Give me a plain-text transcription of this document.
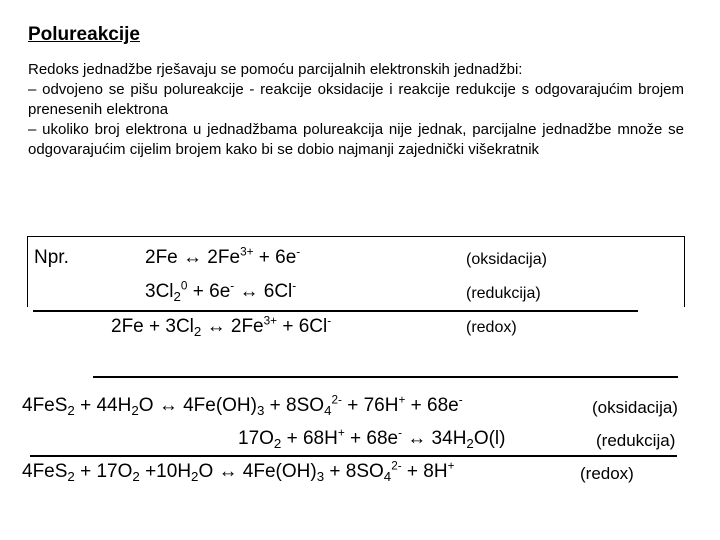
Polureakcije

Redoks jednadžbe rješavaju se pomoću parcijalnih elektronskih jednadžbi:

– odvojeno se pišu polureakcije - reakcije oksidacije i reakcije redukcije s odgovarajućim brojem prenesenih elektrona

– ukoliko broj elektrona u jednadžbama polureakcija nije jednak, parcijalne jednadžbe množe se odgovarajućim cijelim brojem kako bi se dobio najmanji zajednički višekratnik

Npr.	2Fe ↔ $2Fe^{3+} + 6e^-$	(oksidacija)
$3Cl_2^0 + 6e^-$ ↔ 6Cl-	(redukcija)
$2Fe + 3Cl_2$ ↔ $2Fe^{3+} + 6Cl^-$	(redox)
$4FeS_2 + 44H_2O$ ↔ $4Fe(OH)_3 + 8SO_4^{2-} + 76H^+ + 68e^-$	(oksidacija)
$17O_2 + 68H^+ + 68e^-$ ↔ $34H_2O(l)$	(redukcija)
$4FeS_2 + 17O_2 +10H_2O$ ↔ $4Fe(OH)_3 + 8SO_4^{2-} + 8H^+$	(redox)
